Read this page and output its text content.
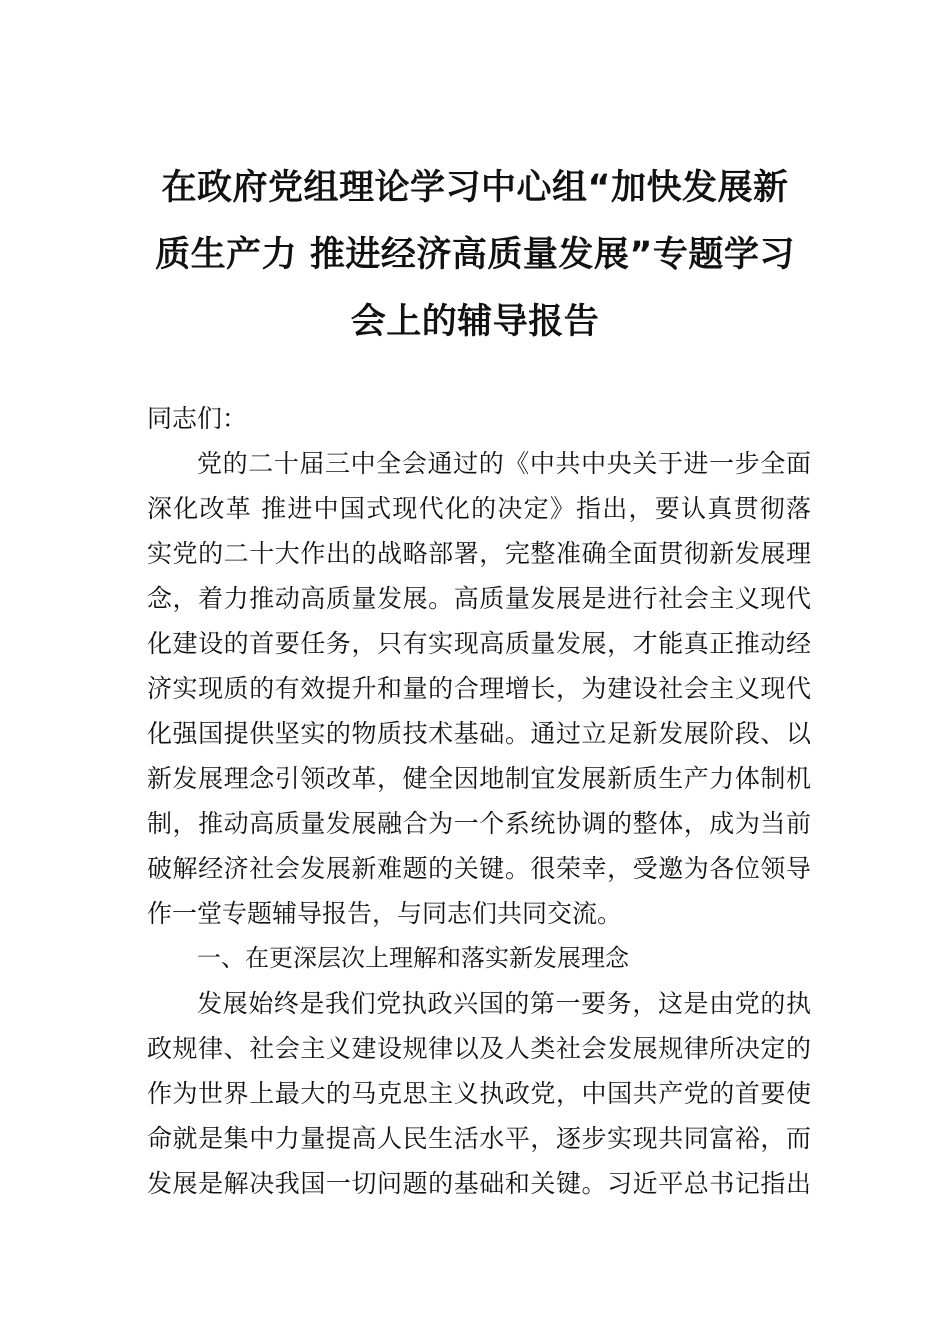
在政府党组理论学习中心组“加快发展新
质生产力 推进经济高质量发展”专题学习
会上的辅导报告
同志们：
党的二十届三中全会通过的《中共中央关于进一步全面
深化改革 推进中国式现代化的决定》指出，要认真贯彻落
实党的二十大作出的战略部署，完整准确全面贯彻新发展理
念，着力推动高质量发展。高质量发展是进行社会主义现代
化建设的首要任务，只有实现高质量发展，才能真正推动经
济实现质的有效提升和量的合理增长，为建设社会主义现代
化强国提供坚实的物质技术基础。通过立足新发展阶段、以
新发展理念引领改革，健全因地制宜发展新质生产力体制机
制，推动高质量发展融合为一个系统协调的整体，成为当前
破解经济社会发展新难题的关键。很荣幸，受邀为各位领导
作一堂专题辅导报告，与同志们共同交流。
一、在更深层次上理解和落实新发展理念
发展始终是我们党执政兴国的第一要务，这是由党的执
政规律、社会主义建设规律以及人类社会发展规律所决定的
作为世界上最大的马克思主义执政党，中国共产党的首要使
命就是集中力量提高人民生活水平，逐步实现共同富裕，而
发展是解决我国一切问题的基础和关键。习近平总书记指出
